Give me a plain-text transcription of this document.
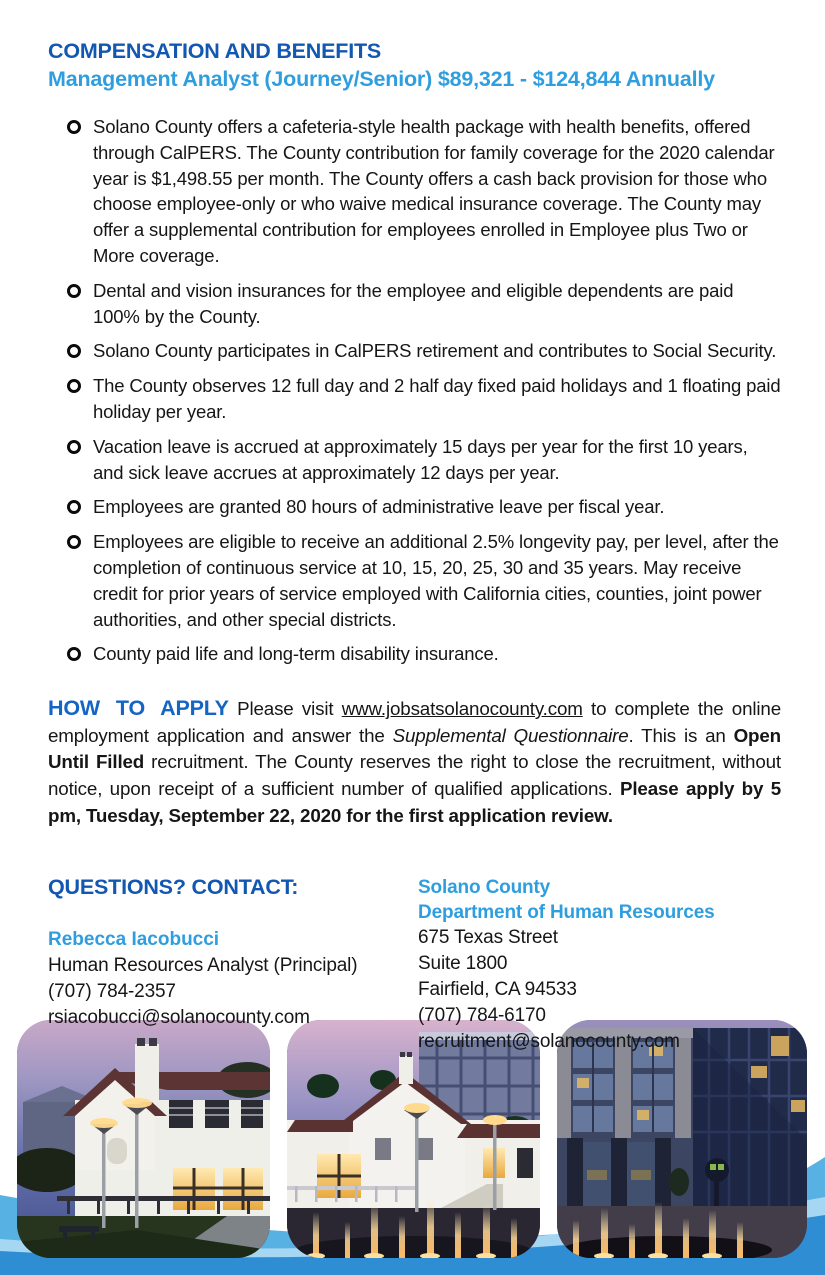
COMPENSATION AND BENEFITS
Management Analyst (Journey/Senior) $89,321 - $124,844 Annually
Solano County offers a cafeteria-style health package with health benefits, offered through CalPERS. The County contribution for family coverage for the 2020 calendar year is $1,498.55 per month. The County offers a cash back provision for those who choose employee-only or who waive medical insurance coverage. The County may offer a supplemental contribution for employees enrolled in Employee plus Two or More coverage.
Dental and vision insurances for the employee and eligible dependents are paid 100% by the County.
Solano County participates in CalPERS retirement and contributes to Social Security.
The County observes 12 full day and 2 half day fixed paid holidays and 1 floating paid holiday per year.
Vacation leave is accrued at approximately 15 days per year for the first 10 years, and sick leave accrues at approximately 12 days per year.
Employees are granted 80 hours of administrative leave per fiscal year.
Employees are eligible to receive an additional 2.5% longevity pay, per level, after the completion of continuous service at 10, 15, 20, 25, 30 and 35 years. May receive credit for prior years of service employed with California cities, counties, joint power authorities, and other special districts.
County paid life and long-term disability insurance.

HOW TO APPLY Please visit www.jobsatsolanocounty.com to complete the online employment application and answer the Supplemental Questionnaire. This is an Open Until Filled recruitment. The County reserves the right to close the recruitment, without notice, upon receipt of a sufficient number of qualified applications. Please apply by 5 pm, Tuesday, September 22, 2020 for the first application review.

QUESTIONS? CONTACT:
Rebecca Iacobucci
Human Resources Analyst (Principal)
(707) 784-2357
rsiacobucci@solanocounty.com
Solano County
Department of Human Resources
675 Texas Street
Suite 1800
Fairfield, CA 94533
(707) 784-6170
recruitment@solanocounty.com
